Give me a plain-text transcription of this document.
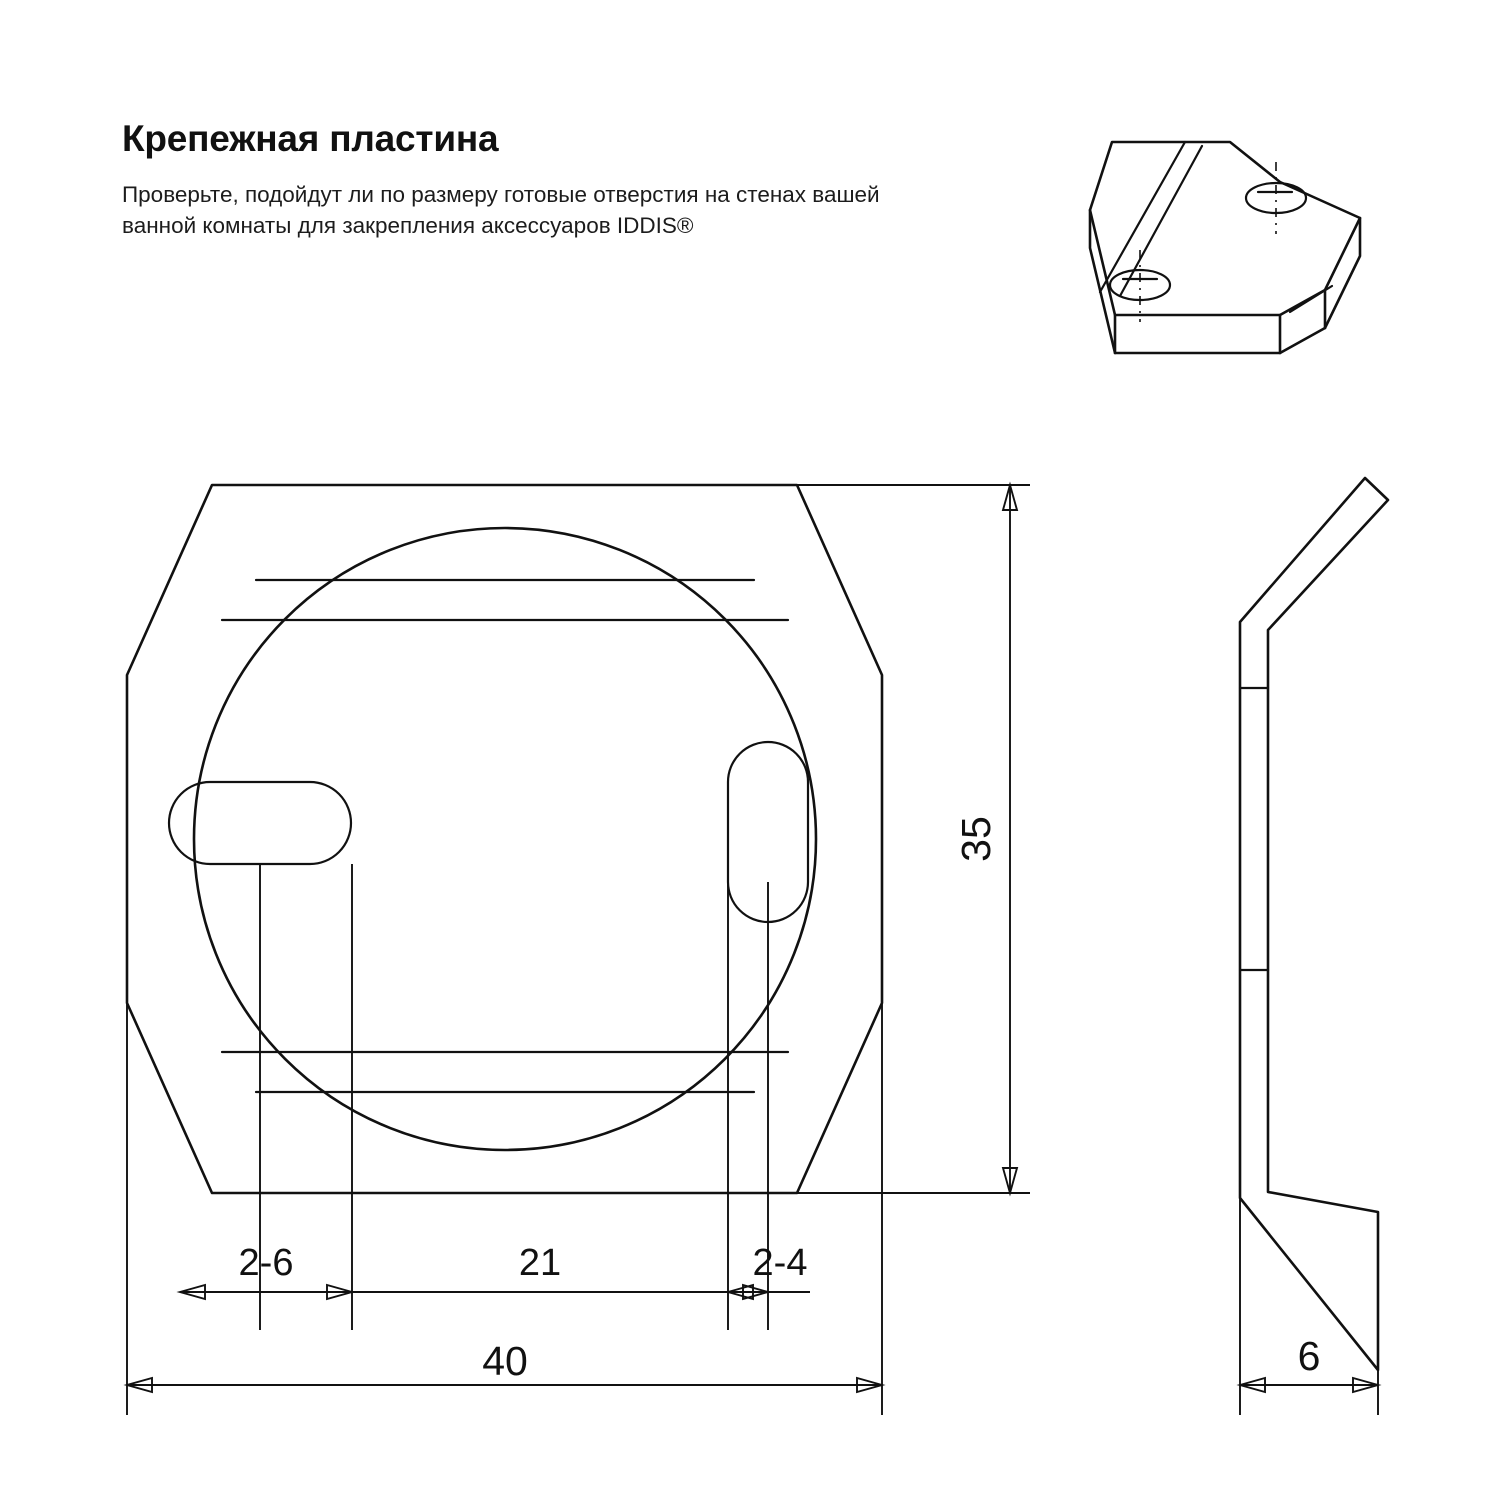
Крепежная пластина

Проверьте, подойдут ли по размеру готовые отверстия на стенах вашей ванной комнаты для закрепления аксессуаров IDDIS®

40
2-6	21	2-4
35
6
